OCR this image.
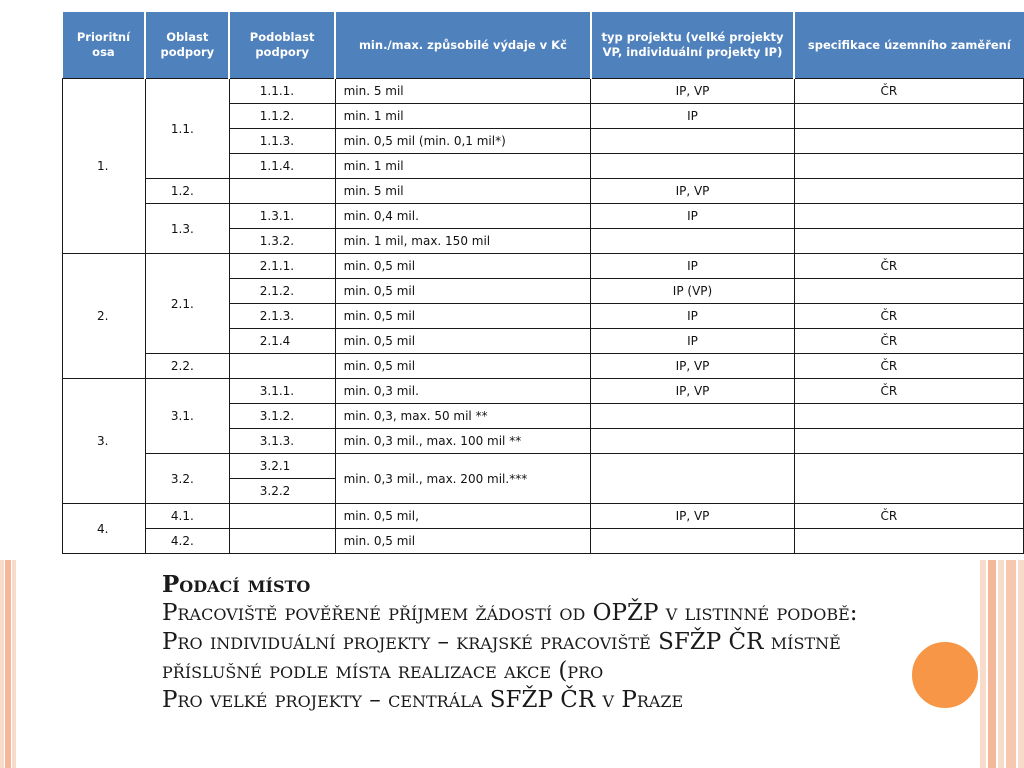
Prioritní osa	Oblast podpory	Podoblast podpory	min./max. způsobilé výdaje v Kč	typ projektu (velké projekty VP, individuální projekty IP)	specifikace územního zaměření
1.	1.1.	1.1.1.	min. 5 mil	IP, VP	ČR
		1.1.2.	min. 1 mil	IP	
		1.1.3.	min. 0,5 mil (min. 0,1 mil*)		
		1.1.4.	min. 1 mil		
	1.2.		min. 5 mil	IP, VP	
	1.3.	1.3.1.	min. 0,4 mil.	IP	
		1.3.2.	min. 1 mil, max. 150 mil		
2.	2.1.	2.1.1.	min. 0,5 mil	IP	ČR
		2.1.2.	min. 0,5 mil	IP (VP)	
		2.1.3.	min. 0,5 mil	IP	ČR
		2.1.4	min. 0,5 mil	IP	ČR
	2.2.		min. 0,5 mil	IP, VP	ČR
3.	3.1.	3.1.1.	min. 0,3 mil.	IP, VP	ČR
		3.1.2.	min. 0,3, max. 50 mil **		
		3.1.3.	min. 0,3 mil., max. 100 mil **		
	3.2.	3.2.1	min. 0,3 mil., max. 200 mil.***		
		3.2.2			
4.	4.1.		min. 0,5 mil,	IP, VP	ČR
	4.2.		min. 0,5 mil		

Podací místo

Pracoviště pověřené příjmem žádostí od OPŽP v listinné podobě:

Pro individuální projekty – krajské pracoviště SFŽP ČR místně příslušné podle místa realizace akce (pro

Pro velké projekty – centrála SFŽP ČR v Praze
